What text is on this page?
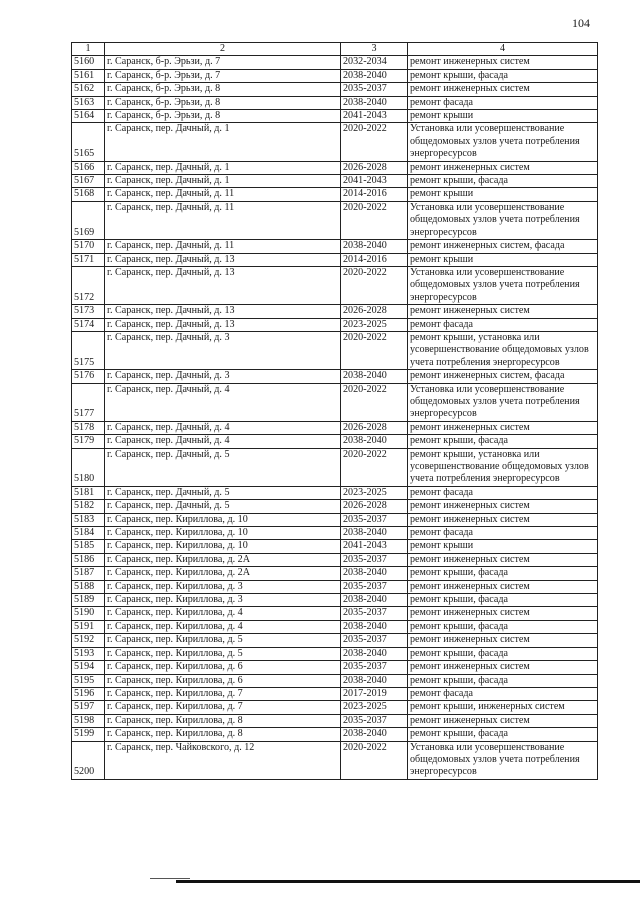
104
1	2	3	4
5160	г. Саранск, б-р. Эрьзи, д. 7	2032-2034	ремонт инженерных систем
5161	г. Саранск, б-р. Эрьзи, д. 7	2038-2040	ремонт крыши, фасада
5162	г. Саранск, б-р. Эрьзи, д. 8	2035-2037	ремонт инженерных систем
5163	г. Саранск, б-р. Эрьзи, д. 8	2038-2040	ремонт фасада
5164	г. Саранск, б-р. Эрьзи, д. 8	2041-2043	ремонт крыши
5165	г. Саранск, пер. Дачный, д. 1	2020-2022	Установка или усовершенствование общедомовых узлов учета потребления энергоресурсов
5166	г. Саранск, пер. Дачный, д. 1	2026-2028	ремонт инженерных систем
5167	г. Саранск, пер. Дачный, д. 1	2041-2043	ремонт крыши, фасада
5168	г. Саранск, пер. Дачный, д. 11	2014-2016	ремонт крыши
5169	г. Саранск, пер. Дачный, д. 11	2020-2022	Установка или усовершенствование общедомовых узлов учета потребления энергоресурсов
5170	г. Саранск, пер. Дачный, д. 11	2038-2040	ремонт инженерных систем, фасада
5171	г. Саранск, пер. Дачный, д. 13	2014-2016	ремонт крыши
5172	г. Саранск, пер. Дачный, д. 13	2020-2022	Установка или усовершенствование общедомовых узлов учета потребления энергоресурсов
5173	г. Саранск, пер. Дачный, д. 13	2026-2028	ремонт инженерных систем
5174	г. Саранск, пер. Дачный, д. 13	2023-2025	ремонт фасада
5175	г. Саранск, пер. Дачный, д. 3	2020-2022	ремонт крыши, установка или усовершенствование общедомовых узлов учета потребления энергоресурсов
5176	г. Саранск, пер. Дачный, д. 3	2038-2040	ремонт инженерных систем, фасада
5177	г. Саранск, пер. Дачный, д. 4	2020-2022	Установка или усовершенствование общедомовых узлов учета потребления энергоресурсов
5178	г. Саранск, пер. Дачный, д. 4	2026-2028	ремонт инженерных систем
5179	г. Саранск, пер. Дачный, д. 4	2038-2040	ремонт крыши, фасада
5180	г. Саранск, пер. Дачный, д. 5	2020-2022	ремонт крыши, установка или усовершенствование общедомовых узлов учета потребления энергоресурсов
5181	г. Саранск, пер. Дачный, д. 5	2023-2025	ремонт фасада
5182	г. Саранск, пер. Дачный, д. 5	2026-2028	ремонт инженерных систем
5183	г. Саранск, пер. Кириллова, д. 10	2035-2037	ремонт инженерных систем
5184	г. Саранск, пер. Кириллова, д. 10	2038-2040	ремонт фасада
5185	г. Саранск, пер. Кириллова, д. 10	2041-2043	ремонт крыши
5186	г. Саранск, пер. Кириллова, д. 2А	2035-2037	ремонт инженерных систем
5187	г. Саранск, пер. Кириллова, д. 2А	2038-2040	ремонт крыши, фасада
5188	г. Саранск, пер. Кириллова, д. 3	2035-2037	ремонт инженерных систем
5189	г. Саранск, пер. Кириллова, д. 3	2038-2040	ремонт крыши, фасада
5190	г. Саранск, пер. Кириллова, д. 4	2035-2037	ремонт инженерных систем
5191	г. Саранск, пер. Кириллова, д. 4	2038-2040	ремонт крыши, фасада
5192	г. Саранск, пер. Кириллова, д. 5	2035-2037	ремонт инженерных систем
5193	г. Саранск, пер. Кириллова, д. 5	2038-2040	ремонт крыши, фасада
5194	г. Саранск, пер. Кириллова, д. 6	2035-2037	ремонт инженерных систем
5195	г. Саранск, пер. Кириллова, д. 6	2038-2040	ремонт крыши, фасада
5196	г. Саранск, пер. Кириллова, д. 7	2017-2019	ремонт фасада
5197	г. Саранск, пер. Кириллова, д. 7	2023-2025	ремонт крыши, инженерных систем
5198	г. Саранск, пер. Кириллова, д. 8	2035-2037	ремонт инженерных систем
5199	г. Саранск, пер. Кириллова, д. 8	2038-2040	ремонт крыши, фасада
5200	г. Саранск, пер. Чайковского, д. 12	2020-2022	Установка или усовершенствование общедомовых узлов учета потребления энергоресурсов
